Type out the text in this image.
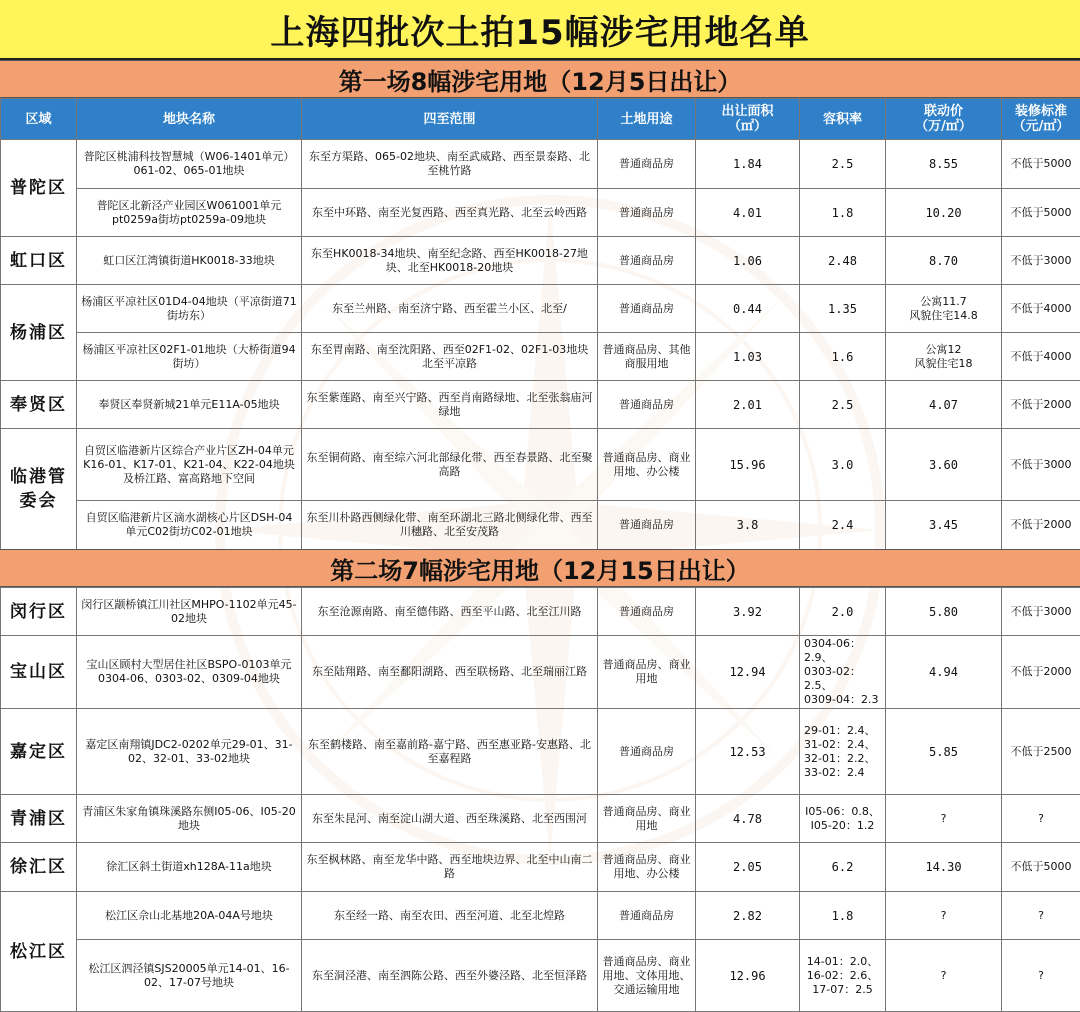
上海四批次土拍15幅涉宅用地名单
第一场8幅涉宅用地（12月5日出让）
区域	地块名称	四至范围	土地用途	出让面积
（㎡）	容积率	联动价
（万/㎡）	装修标准
（元/㎡）
普陀区	普陀区桃浦科技智慧城（W06-1401单元）061-02、065-01地块	东至方渠路、065-02地块、南至武威路、西至景泰路、北至桃竹路	普通商品房	1.84	2.5	8.55	不低于5000
	普陀区北新泾产业园区W061001单元pt0259a街坊pt0259a-09地块	东至中环路、南至光复西路、西至真光路、北至云岭西路	普通商品房	4.01	1.8	10.20	不低于5000
虹口区	虹口区江湾镇街道HK0018-33地块	东至HK0018-34地块、南至纪念路、西至HK0018-27地块、北至HK0018-20地块	普通商品房	1.06	2.48	8.70	不低于3000
杨浦区	杨浦区平凉社区01D4-04地块（平凉街道71街坊东）	东至兰州路、南至济宁路、西至霍兰小区、北至/	普通商品房	0.44	1.35	公寓11.7
风貌住宅14.8	不低于4000
	杨浦区平凉社区02F1-01地块（大桥街道94街坊）	东至胃南路、南至沈阳路、西至02F1-02、02F1-03地块北至平凉路	普通商品房、其他商服用地	1.03	1.6	公寓12
风貌住宅18	不低于4000
奉贤区	奉贤区奉贤新城21单元E11A-05地块	东至紫莲路、南至兴宁路、西至肖南路绿地、北至张翁庙河绿地	普通商品房	2.01	2.5	4.07	不低于2000
临港管委会	自贸区临港新片区综合产业片区ZH-04单元K16-01、K17-01、K21-04、K22-04地块及桥江路、富高路地下空间	东至铜荷路、南至综六河北部绿化带、西至春景路、北至聚高路	普通商品房、商业用地、办公楼	15.96	3.0	3.60	不低于3000
	自贸区临港新片区滴水湖核心片区DSH-04单元C02街坊C02-01地块	东至川朴路西侧绿化带、南至环湖北三路北侧绿化带、西至川穗路、北至安茂路	普通商品房	3.8	2.4	3.45	不低于2000
第二场7幅涉宅用地（12月15日出让）
闵行区	闵行区颛桥镇江川社区MHPO-1102单元45-02地块	东至沧源南路、南至德伟路、西至平山路、北至江川路	普通商品房	3.92	2.0	5.80	不低于3000
宝山区	宝山区顾村大型居住社区BSPO-0103单元0304-06、0303-02、0309-04地块	东至陆翔路、南至鄱阳湖路、西至联杨路、北至瑞丽江路	普通商品房、商业用地	12.94	0304-06：2.9、
0303-02：2.5、
0309-04：2.3	4.94	不低于2000
嘉定区	嘉定区南翔镇JDC2-0202单元29-01、31-02、32-01、33-02地块	东至鹤楼路、南至嘉前路-嘉宁路、西至惠亚路-安惠路、北至嘉程路	普通商品房	12.53	29-01：2.4、
31-02：2.4、
32-01：2.2、
33-02：2.4	5.85	不低于2500
青浦区	青浦区朱家角镇珠溪路东侧I05-06、I05-20地块	东至朱昆河、南至淀山湖大道、西至珠溪路、北至西围河	普通商品房、商业用地	4.78	I05-06：0.8、
I05-20：1.2	?	?
徐汇区	徐汇区斜土街道xh128A-11a地块	东至枫林路、南至龙华中路、西至地块边界、北至中山南二路	普通商品房、商业用地、办公楼	2.05	6.2	14.30	不低于5000
松江区	松江区佘山北基地20A-04A号地块	东至经一路、南至农田、西至河道、北至北煌路	普通商品房	2.82	1.8	?	?
	松江区泗泾镇SJS20005单元14-01、16-02、17-07号地块	东至洞泾港、南至泗陈公路、西至外婆泾路、北至恒泽路	普通商品房、商业用地、文体用地、交通运输用地	12.96	14-01：2.0、
16-02：2.6、
17-07：2.5	?	?
